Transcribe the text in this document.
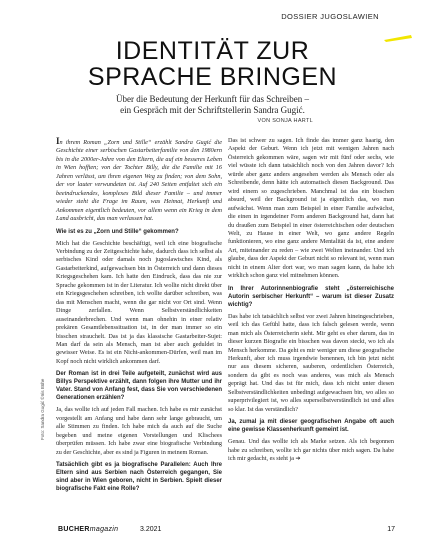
DOSSIER JUGOSLAWIEN
IDENTITÄT ZUR
SPRACHE BRINGEN

Über die Bedeutung der Herkunft für das Schreiben –
ein Gespräch mit der Schriftstellerin Sandra Gugić.

VON SONJA HARTL

In ihrem Roman „Zorn und Stille“ erzählt Sandra Gugić die Geschichte einer serbischen Gastarbeiterfamilie von den 1980ern bis in die 2000er-Jahre von den Eltern, die auf ein besseres Leben in Wien hofften; von der Tochter Billy, die die Familie mit 16 Jahren verlässt, um ihren eigenen Weg zu finden; von dem Sohn, der vor lauter verwundeten ist. Auf 240 Seiten entfaltet sich ein beeindruckendes, komplexes Bild dieser Familie – und immer wieder steht die Frage im Raum, was Heimat, Herkunft und Ankommen eigentlich bedeuten, vor allem wenn ein Krieg in dem Land ausbricht, das man verlassen hat.

Wie ist es zu „Zorn und Stille“ gekommen?

Mich hat die Geschichte beschäftigt, weil ich eine biografische Verbindung zu der Zeitgeschichte habe, dadurch dass ich selbst als serbisches Kind oder damals noch jugoslawisches Kind, als Gastarbeiterkind, aufgewachsen bin in Österreich und dann dieses Kriegsgeschehen kam. Ich hatte den Eindruck, dass das nie zur Sprache gekommen ist in der Literatur. Ich wollte nicht direkt über ein Kriegsgeschehen schreiben, ich wollte darüber schreiben, was das mit Menschen macht, wenn die gar nicht vor Ort sind. Wenn Dinge zerfallen. Wenn Selbstverständlichkeiten auseinanderbrechen. Und wenn man ohnehin in einer relativ prekären Gesamtlebenssituation ist, in der man immer so ein bisschen strauchelt. Das ist ja das klassische Gastarbeiter-Sujet: Man darf da sein als Mensch, man ist aber auch geduldet in gewisser Weise. Es ist ein Nicht-ankommen-Dürfen, weil man im Kopf noch nicht wirklich ankommen darf.

Der Roman ist in drei Teile aufgeteilt, zunächst wird aus Billys Perspektive erzählt, dann folgen ihre Mutter und ihr Vater. Stand von Anfang fest, dass Sie von verschiedenen Generationen erzählen?

Ja, das wollte ich auf jeden Fall machen. Ich habe es mir zunächst vorgestellt am Anfang und habe dann sehr lange gebraucht, um alle Stimmen zu finden. Ich habe mich da auch auf die Suche begeben und meine eigenen Vorstellungen und Klischees überprüfen müssen. Ich habe zwar eine biografische Verbindung zu der Geschichte, aber es sind ja Figuren in meinem Roman.

Tatsächlich gibt es ja biografische Parallelen: Auch Ihre Eltern sind aus Serbien nach Österreich gegangen, Sie sind aber in Wien geboren, nicht in Serbien. Spielt dieser biografische Fakt eine Rolle?

Das ist schwer zu sagen. Ich finde das immer ganz haarig, den Aspekt der Geburt. Wenn ich jetzt mit wenigen Jahren nach Österreich gekommen wäre, sagen wir mit fünf oder sechs, wie viel wüsste ich dann tatsächlich noch von den Jahren davor? Ich würde aber ganz anders angesehen werden als Mensch oder als Schreibende, denn hätte ich automatisch diesen Background. Das wird einem so zugeschrieben. Manchmal ist das ein bisschen absurd, weil der Background ist ja eigentlich das, wo man aufwächst. Wenn man zum Beispiel in einer Familie aufwächst, die einen in irgendeiner Form anderen Background hat, dann hat du draußen zum Beispiel in einer österreichischen oder deutschen Welt, zu Hause in einer Welt, wo ganz andere Regeln funktionieren, wo eine ganz andere Mentalität da ist, eine andere Art, miteinander zu reden – wie zwei Welten ineinander. Und ich glaube, dass der Aspekt der Geburt nicht so relevant ist, wenn man nicht in einem Alter dort war, wo man sagen kann, da habe ich wirklich schon ganz viel mitnehmen können.

In Ihrer Autorinnenbiografie steht „österreichische Autorin serbischer Herkunft“ – warum ist dieser Zusatz wichtig?

Das habe ich tatsächlich selbst vor zwei Jahren hineingeschrieben, weil ich das Gefühl hatte, dass ich falsch gelesen werde, wenn man mich als Österreicherin sieht. Mir geht es eher darum, das in dieser kurzen Biografie ein bisschen was davon steckt, wo ich als Mensch herkomme. Da geht es mir weniger um diese geografische Herkunft, aber ich muss irgendwie benennen, ich bin jetzt nicht nur aus diesem sicheren, sauberen, ordentlichen Österreich, sondern da gibt es noch was anderes, was mich als Mensch geprägt hat. Und das ist für mich, dass ich nicht unter diesen Selbstverständlichkeiten unbedingt aufgewachsen bin, wo alles so superprivilegiert ist, wo alles superselbstverständlich ist und alles so klar. Ist das verständlich?

Ja, zumal ja mit dieser geografischen Angabe oft auch eine gewisse Klassenherkunft gemeint ist.

Genau. Und das wollte ich als Marke setzen. Als ich begonnen habe zu schreiben, wollte ich gar nichts über mich sagen. Da habe ich mir gedacht, es steht ja ➔

Foto: Sandra Gugić ©Iris Bühe
BUCHERmagazin	3.2021	17
